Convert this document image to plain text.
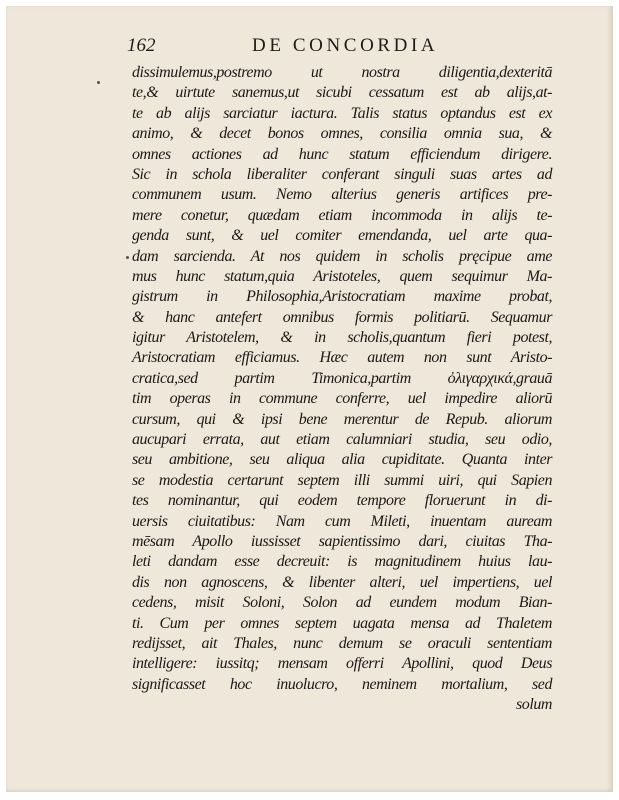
162	DE CONCORDIA
dissimulemus,postremo ut nostra diligentia,dexteritā
te,& uirtute sanemus,ut sicubi cessatum est ab alijs,at-
te ab alijs sarciatur iactura. Talis status optandus est ex
animo, & decet bonos omnes, consilia omnia sua, &
omnes actiones ad hunc statum efficiendum dirigere.
Sic in schola liberaliter conferant singuli suas artes ad
communem usum. Nemo alterius generis artifices pre-
mere conetur, quædam etiam incommoda in alijs te-
genda sunt, & uel comiter emendanda, uel arte qua-
dam sarcienda. At nos quidem in scholis pręcipue ame
mus hunc statum,quia Aristoteles, quem sequimur Ma-
gistrum in Philosophia,Aristocratiam maxime probat,
& hanc antefert omnibus formis politiarū. Sequamur
igitur Aristotelem, & in scholis,quantum fieri potest,
Aristocratiam efficiamus. Hæc autem non sunt Aristo-
cratica,sed partim Timonica,partim ὀλιγαρχικά,grauā
tim operas in commune conferre, uel impedire aliorū
cursum, qui & ipsi bene merentur de Repub. aliorum
aucupari errata, aut etiam calumniari studia, seu odio,
seu ambitione, seu aliqua alia cupiditate. Quanta inter
se modestia certarunt septem illi summi uiri, qui Sapien
tes nominantur, qui eodem tempore floruerunt in di-
uersis ciuitatibus: Nam cum Mileti, inuentam auream
mēsam Apollo iussisset sapientissimo dari, ciuitas Tha-
leti dandam esse decreuit: is magnitudinem huius lau-
dis non agnoscens, & libenter alteri, uel impertiens, uel
cedens, misit Soloni, Solon ad eundem modum Bian-
ti. Cum per omnes septem uagata mensa ad Thaletem
redijsset, ait Thales, nunc demum se oraculi sententiam
intelligere: iussitq; mensam offerri Apollini, quod Deus
significasset hoc inuolucro, neminem mortalium, sed
solum
